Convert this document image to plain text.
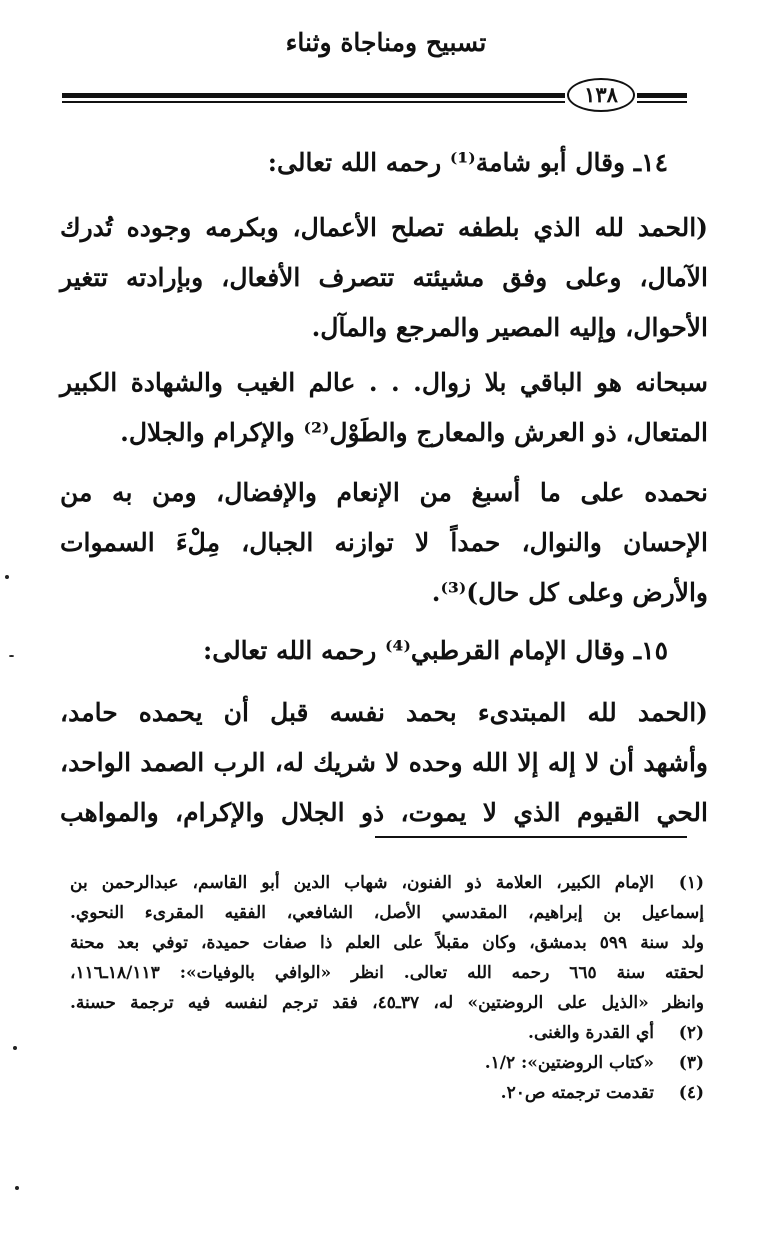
تسبيح ومناجاة وثناء
١٣٨
١٤ـ وقال أبو شامة⁽¹⁾ رحمه الله تعالى:
(الحمد لله الذي بلطفه تصلح الأعمال، وبكرمه وجوده تُدرك
الآمال، وعلى وفق مشيئته تتصرف الأفعال، وبإرادته تتغير
الأحوال، وإليه المصير والمرجع والمآل.
سبحانه هو الباقي بلا زوال. . . عالم الغيب والشهادة الكبير
المتعال، ذو العرش والمعارج والطَوْل⁽²⁾ والإكرام والجلال.
نحمده على ما أسبغ من الإنعام والإفضال، ومن به من
الإحسان والنوال، حمداً لا توازنه الجبال، مِلْءَ السموات
والأرض وعلى كل حال)⁽³⁾.
١٥ـ وقال الإمام القرطبي⁽⁴⁾ رحمه الله تعالى:
(الحمد لله المبتدىء بحمد نفسه قبل أن يحمده حامد،
وأشهد أن لا إله إلا الله وحده لا شريك له، الرب الصمد الواحد،
الحي القيوم الذي لا يموت، ذو الجلال والإكرام، والمواهب
(١)
الإمام الكبير، العلامة ذو الفنون، شهاب الدين أبو القاسم، عبدالرحمن بن
إسماعيل بن إبراهيم، المقدسي الأصل، الشافعي، الفقيه المقرىء النحوي.
ولد سنة ٥٩٩ بدمشق، وكان مقبلاً على العلم ذا صفات حميدة، توفي بعد محنة
لحقته سنة ٦٦٥ رحمه الله تعالى. انظر «الوافي بالوفيات»: ١٨/١١٣ـ١١٦،
وانظر «الذيل على الروضتين» له، ٣٧ـ٤٥، فقد ترجم لنفسه فيه ترجمة حسنة.
(٢)
أي القدرة والغنى.
(٣)
«كتاب الروضتين»: ١/٢.
(٤)
تقدمت ترجمته ص٢٠.
